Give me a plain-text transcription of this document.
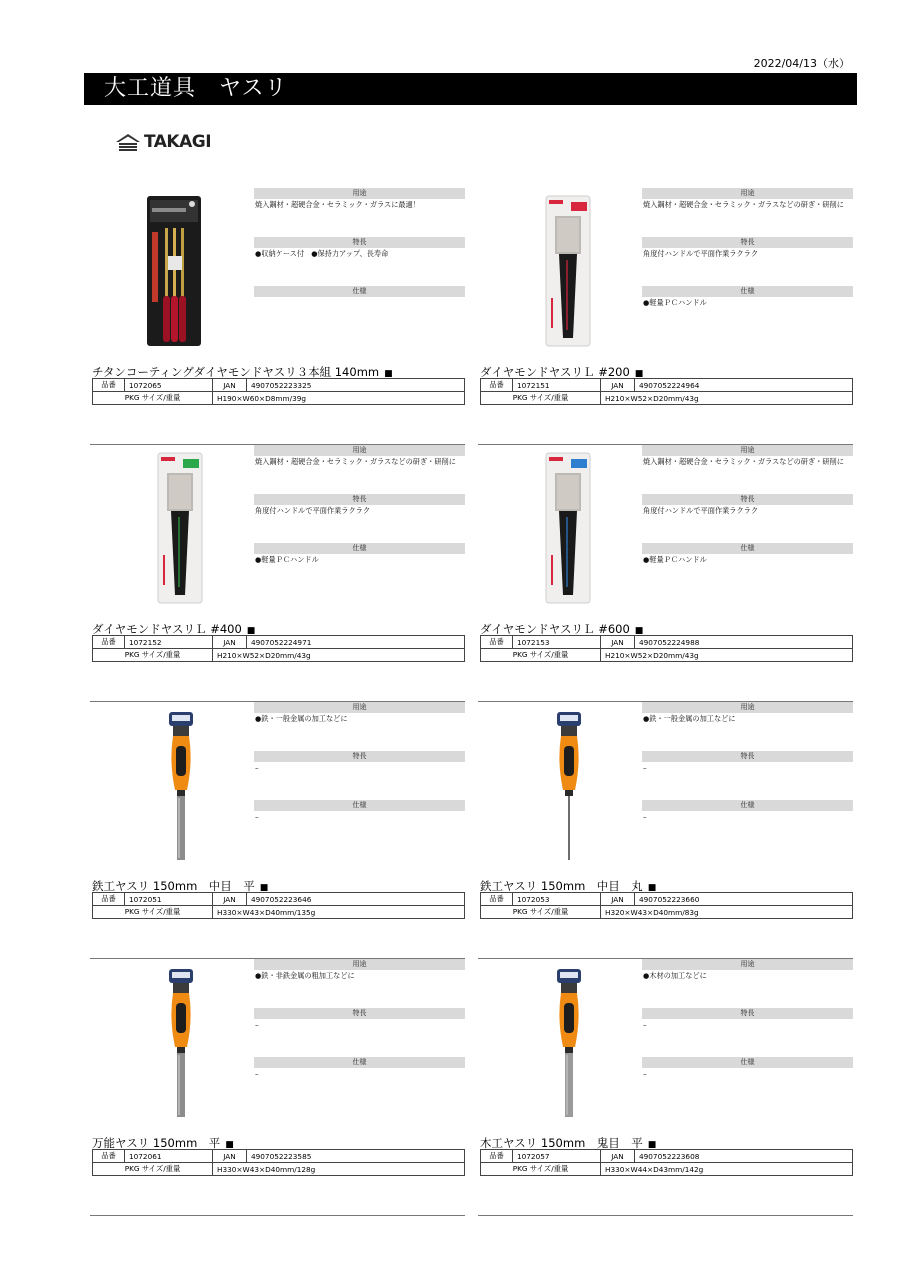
2022/04/13（水）
大工道具　ヤスリ
TAKAGI
用途
焼入鋼材・超硬合金・セラミック・ガラスに最適！
特長
●収納ケース付　●保持力アップ、長寿命
仕様
チタンコーティングダイヤモンドヤスリ３本組 140mm ■
品番	1072065	JAN	4907052223325
PKG サイズ/重量		H190×W60×D8mm/39g	
用途
焼入鋼材・超硬合金・セラミック・ガラスなどの研ぎ・研削に
特長
角度付ハンドルで平面作業ラクラク
仕様
●軽量ＰＣハンドル
ダイヤモンドヤスリＬ #200 ■
品番	1072151	JAN	4907052224964
PKG サイズ/重量		H210×W52×D20mm/43g	
用途
焼入鋼材・超硬合金・セラミック・ガラスなどの研ぎ・研削に
特長
角度付ハンドルで平面作業ラクラク
仕様
●軽量ＰＣハンドル
ダイヤモンドヤスリＬ #400 ■
品番	1072152	JAN	4907052224971
PKG サイズ/重量		H210×W52×D20mm/43g	
用途
焼入鋼材・超硬合金・セラミック・ガラスなどの研ぎ・研削に
特長
角度付ハンドルで平面作業ラクラク
仕様
●軽量ＰＣハンドル
ダイヤモンドヤスリＬ #600 ■
品番	1072153	JAN	4907052224988
PKG サイズ/重量		H210×W52×D20mm/43g	
用途
●鉄・一般金属の加工などに
特長
–
仕様
–
鉄工ヤスリ 150mm　中目　平 ■
品番	1072051	JAN	4907052223646
PKG サイズ/重量		H330×W43×D40mm/135g	
用途
●鉄・一般金属の加工などに
特長
–
仕様
–
鉄工ヤスリ 150mm　中目　丸 ■
品番	1072053	JAN	4907052223660
PKG サイズ/重量		H320×W43×D40mm/83g	
用途
●鉄・非鉄金属の粗加工などに
特長
–
仕様
–
万能ヤスリ 150mm　平 ■
品番	1072061	JAN	4907052223585
PKG サイズ/重量		H330×W43×D40mm/128g	
用途
●木材の加工などに
特長
–
仕様
–
木工ヤスリ 150mm　鬼目　平 ■
品番	1072057	JAN	4907052223608
PKG サイズ/重量		H330×W44×D43mm/142g	
